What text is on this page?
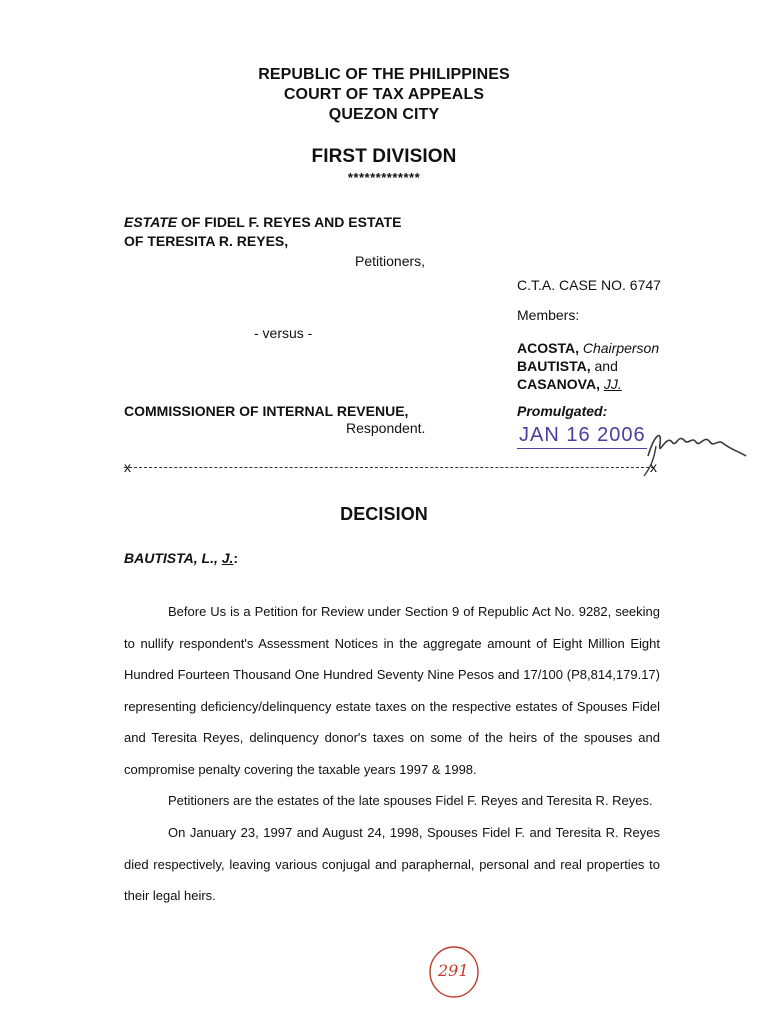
REPUBLIC OF THE PHILIPPINES
COURT OF TAX APPEALS
QUEZON CITY
FIRST DIVISION
*************
ESTATE OF FIDEL F. REYES AND ESTATE
OF TERESITA R. REYES,
Petitioners,
C.T.A. CASE NO. 6747
Members:
- versus -
ACOSTA, Chairperson
BAUTISTA, and
CASANOVA, JJ.
COMMISSIONER OF INTERNAL REVENUE,
Respondent.
Promulgated:
JAN 16 2006
x	x
DECISION
BAUTISTA, L., J.:
Before Us is a Petition for Review under Section 9 of Republic Act No. 9282, seeking to nullify respondent's Assessment Notices in the aggregate amount of Eight Million Eight Hundred Fourteen Thousand One Hundred Seventy Nine Pesos and 17/100 (P8,814,179.17) representing deficiency/delinquency estate taxes on the respective estates of Spouses Fidel and Teresita Reyes, delinquency donor's taxes on some of the heirs of the spouses and compromise penalty covering the taxable years 1997 & 1998.
Petitioners are the estates of the late spouses Fidel F. Reyes and Teresita R. Reyes.
On January 23, 1997 and August 24, 1998, Spouses Fidel F. and Teresita R. Reyes died respectively, leaving various conjugal and paraphernal, personal and real properties to their legal heirs.
291
